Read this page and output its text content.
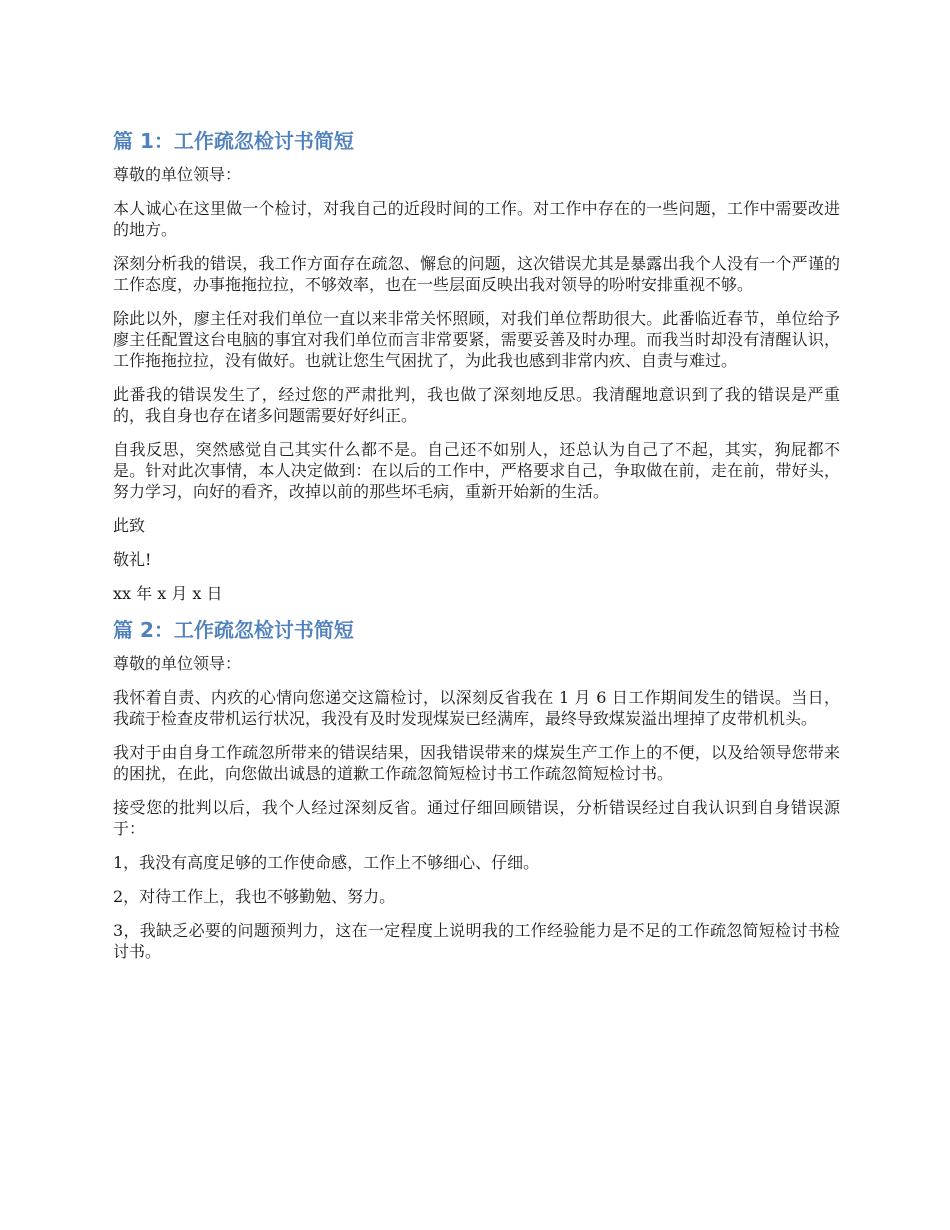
篇 1：工作疏忽检讨书简短

尊敬的单位领导：

本人诚心在这里做一个检讨，对我自己的近段时间的工作。对工作中存在的一些问题，工作中需要改进的地方。

深刻分析我的错误，我工作方面存在疏忽、懈怠的问题，这次错误尤其是暴露出我个人没有一个严谨的工作态度，办事拖拖拉拉，不够效率，也在一些层面反映出我对领导的吩咐安排重视不够。

除此以外，廖主任对我们单位一直以来非常关怀照顾，对我们单位帮助很大。此番临近春节，单位给予廖主任配置这台电脑的事宜对我们单位而言非常要紧，需要妥善及时办理。而我当时却没有清醒认识，工作拖拖拉拉，没有做好。也就让您生气困扰了，为此我也感到非常内疚、自责与难过。

此番我的错误发生了，经过您的严肃批判，我也做了深刻地反思。我清醒地意识到了我的错误是严重的，我自身也存在诸多问题需要好好纠正。

自我反思，突然感觉自己其实什么都不是。自己还不如别人，还总认为自己了不起，其实，狗屁都不是。针对此次事情，本人决定做到：在以后的工作中，严格要求自己，争取做在前，走在前，带好头，努力学习，向好的看齐，改掉以前的那些坏毛病，重新开始新的生活。

此致

敬礼!

xx 年 x 月 x 日

篇 2：工作疏忽检讨书简短

尊敬的单位领导：

我怀着自责、内疚的心情向您递交这篇检讨，以深刻反省我在 1 月 6 日工作期间发生的错误。当日，我疏于检查皮带机运行状况，我没有及时发现煤炭已经满库，最终导致煤炭溢出埋掉了皮带机机头。

我对于由自身工作疏忽所带来的错误结果，因我错误带来的煤炭生产工作上的不便，以及给领导您带来的困扰，在此，向您做出诚恳的道歉工作疏忽简短检讨书工作疏忽简短检讨书。

接受您的批判以后，我个人经过深刻反省。通过仔细回顾错误，分析错误经过自我认识到自身错误源于：

1，我没有高度足够的工作使命感，工作上不够细心、仔细。

2，对待工作上，我也不够勤勉、努力。

3，我缺乏必要的问题预判力，这在一定程度上说明我的工作经验能力是不足的工作疏忽简短检讨书检讨书。
